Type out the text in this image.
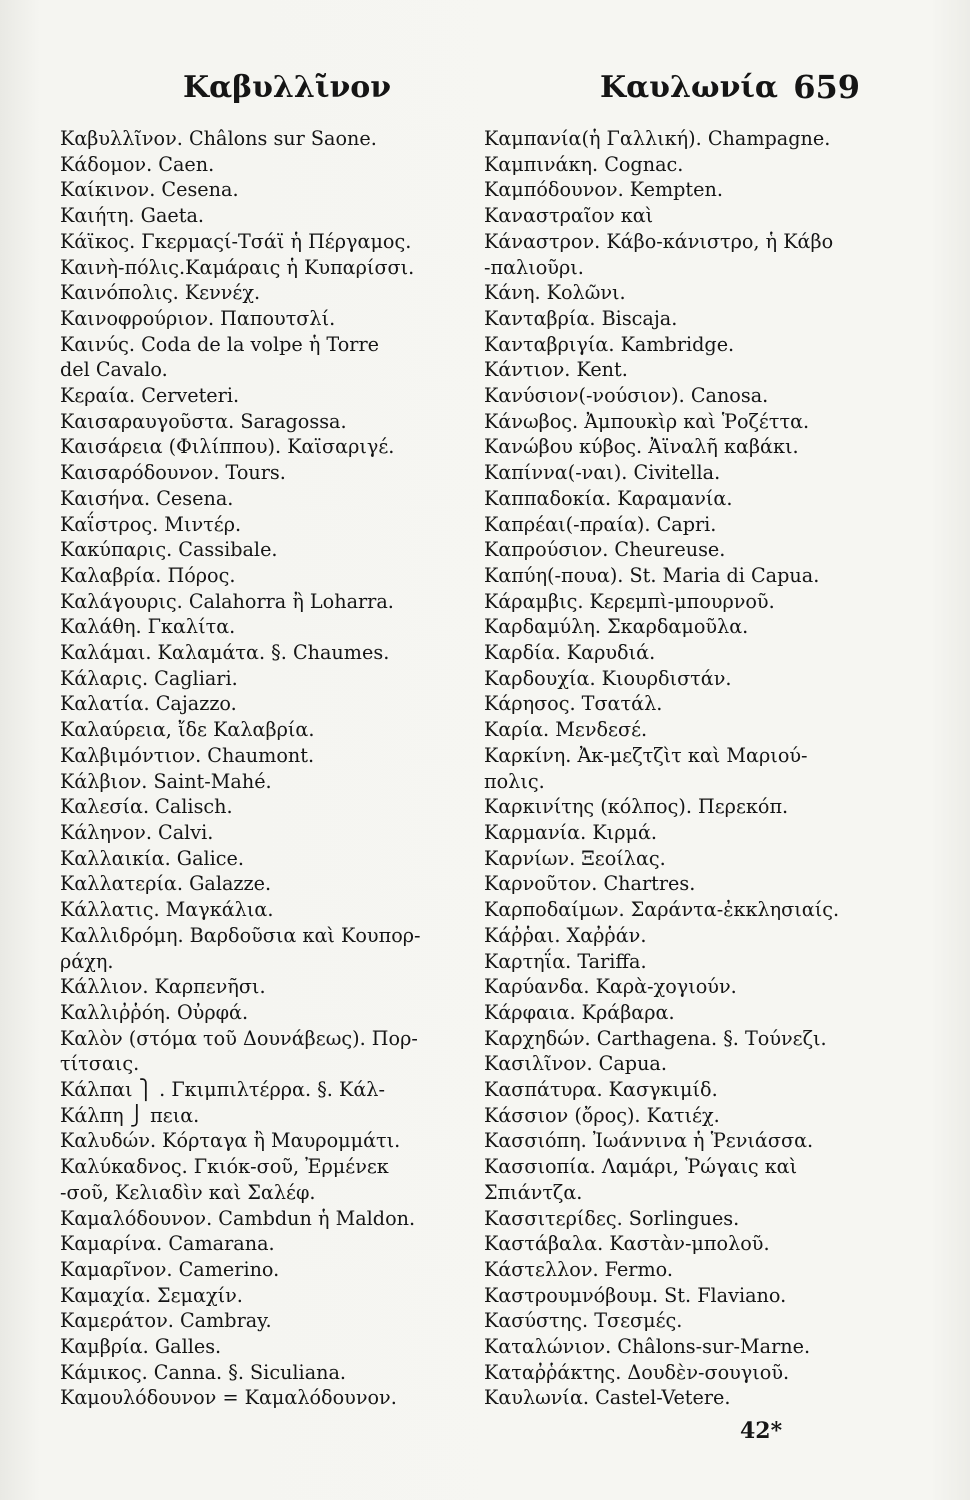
Καβυλλῖνον	Καυλωνία 659
Καβυλλῖνον. Châlons sur Saone.
Κάδομον. Caen.
Καίκινον. Cesena.
Καιήτη. Gaeta.
Κάϊκος. Γκερμαςί-Τσάϊ ἡ Πέργαμος.
Καινὴ-πόλις.Καμάραις ἡ Κυπαρίσσι.
Καινόπολις. Κεννέχ.
Καινοφρούριον. Παπουτσλί.
Καινύς. Coda de la volpe ἡ Torre
del Cavalo.
Κεραία. Cerveteri.
Καισαραυγοῦστα. Saragossa.
Καισάρεια (Φιλίππου). Καϊσαριγέ.
Καισαρόδουνον. Tours.
Καισήνα. Cesena.
Καΐστρος. Μιντέρ.
Κακύπαρις. Cassibale.
Καλαβρία. Πόρος.
Καλάγουρις. Calahorra ἢ Loharra.
Καλάθη. Γκαλίτα.
Καλάμαι. Καλαμάτα. §. Chaumes.
Κάλαρις. Cagliari.
Καλατία. Cajazzo.
Καλαύρεια, ἴδε Καλαβρία.
Καλβιμόντιον. Chaumont.
Κάλβιον. Saint-Mahé.
Καλεσία. Calisch.
Κάληνον. Calvi.
Καλλαικία. Galice.
Καλλατερία. Galazze.
Κάλλατις. Μαγκάλια.
Καλλιδρόμη. Βαρδοῦσια καὶ Κουπορ-
ράχη.
Κάλλιον. Καρπενῆσι.
Καλλιῤῥόη. Οὐρφά.
Καλὸν (στόμα τοῦ Δουνάβεως). Πορ-
τίτσαις.
Κάλπαι ⎫ . Γκιμπιλτέρρα. §. Κάλ-
Κάλπη ⎭ πεια.
Καλυδών. Κόρταγα ἢ Μαυρομμάτι.
Καλύκαδνος. Γκιόκ-σοῦ, Ἐρμένεκ
-σοῦ, Κελιαδὶν καὶ Σαλέφ.
Καμαλόδουνον. Cambdun ἡ Maldon.
Καμαρίνα. Camarana.
Καμαρῖνον. Camerino.
Καμαχία. Σεμαχίν.
Καμεράτον. Cambray.
Καμβρία. Galles.
Κάμικος. Canna. §. Siculiana.
Καμουλόδουνον = Καμαλόδουνον.
Καμπανία(ἡ Γαλλική). Champagne.
Καμπινάκη. Cognac.
Καμπόδουνον. Kempten.
Καναστραῖον καὶ
Κάναστρον. Κάβο-κάνιστρο, ἡ Κάβο
-παλιοῦρι.
Κάνη. Κολῶνι.
Κανταβρία. Biscaja.
Κανταβριγία. Kambridge.
Κάντιον. Kent.
Κανύσιον(-νούσιον). Canosa.
Κάνωβος. Ἀμπουκὶρ καὶ Ῥοζέττα.
Κανώβου κύβος. Ἀϊναλῆ καβάκι.
Καπίννα(-ναι). Civitella.
Καππαδοκία. Καραμανία.
Καπρέαι(-πραία). Capri.
Καπρούσιον. Cheureuse.
Καπύη(-πουα). St. Maria di Capua.
Κάραμβις. Κερεμπὶ-μπουρνοῦ.
Καρδαμύλη. Σκαρδαμοῦλα.
Καρδία. Καρυδιά.
Καρδουχία. Κιουρδιστάν.
Κάρησος. Τσατάλ.
Καρία. Μενδεσέ.
Καρκίνη. Ἀκ-μεζτζὶτ καὶ Μαριού-
πολις.
Καρκινίτης (κόλπος). Περεκόπ.
Καρμανία. Κιρμά.
Καρνίων. Ξεοίλας.
Καρνοῦτον. Chartres.
Καρποδαίμων. Σαράντα-ἐκκλησιαίς.
Κάῤῥαι. Χαῤῥάν.
Καρτηΐα. Tariffa.
Καρύανδα. Καρὰ-χογιούν.
Κάρφαια. Κράβαρα.
Καρχηδών. Carthagena. §. Τούνεζι.
Κασιλῖνον. Capua.
Κασπάτυρα. Κασγκιμίδ.
Κάσσιον (ὄρος). Κατιέχ.
Κασσιόπη. Ἰωάννινα ἡ Ῥενιάσσα.
Κασσιοπία. Λαμάρι, Ῥώγαις καὶ
Σπιάντζα.
Κασσιτερίδες. Sorlingues.
Καστάβαλα. Καστὰν-μπολοῦ.
Κάστελλον. Fermo.
Καστρουμνόβουμ. St. Flaviano.
Κασύστης. Τσεσμές.
Καταλώνιον. Châlons-sur-Marne.
Καταῤῥάκτης. Δουδὲν-σουγιοῦ.
Καυλωνία. Castel-Vetere.
42*
